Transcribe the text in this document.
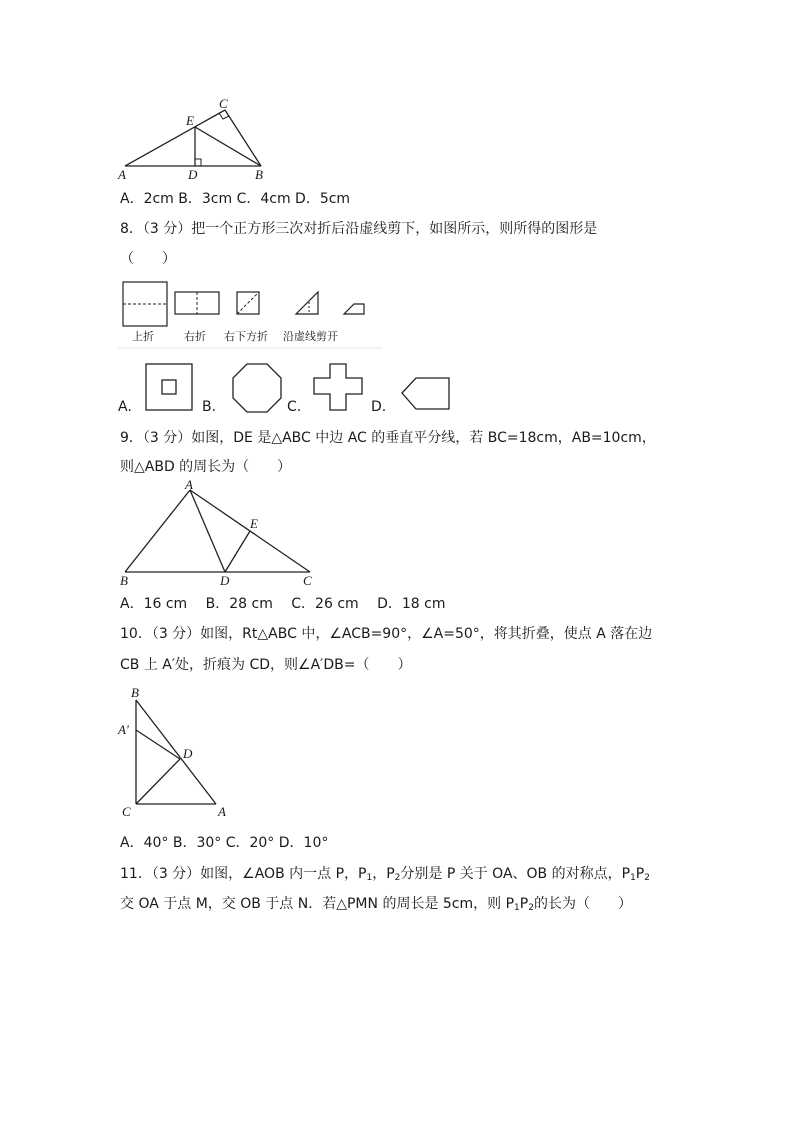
A	D	B
E
C
A．2cm B．3cm C．4cm D．5cm
8．（3 分）把一个正方形三次对折后沿虚线剪下，如图所示，则所得的图形是
（　　）
上折	右折 右下方折 沿虚线剪开
A.	B.	C.	D.
9．（3 分）如图，DE 是△ABC 中边 AC 的垂直平分线，若 BC=18cm，AB=10cm，
则△ABD 的周长为（　　）
A
E
B	D	C
A．16 cm　 B．28 cm　 C．26 cm　 D．18 cm
10．（3 分）如图，Rt△ABC 中，∠ACB=90°，∠A=50°，将其折叠，使点 A 落在边
CB 上 A′处，折痕为 CD，则∠A′DB=（　　）
B
A′
D
C	A
A．40° B．30° C．20° D．10°
11．（3 分）如图，∠AOB 内一点 P，$P_1$，$P_2$分别是 P 关于 OA、OB 的对称点，$P_1P_2$
交 OA 于点 M，交 OB 于点 N．若△PMN 的周长是 5cm，则 $P_1P_2$的长为（　　）
